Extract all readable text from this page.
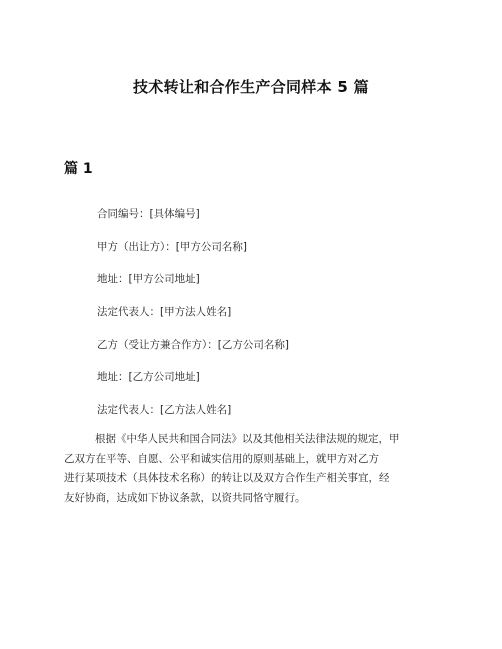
技术转让和合作生产合同样本 5 篇
篇 1
合同编号：[具体编号]
甲方（出让方）：[甲方公司名称]
地址：[甲方公司地址]
法定代表人：[甲方法人姓名]
乙方（受让方兼合作方）：[乙方公司名称]
地址：[乙方公司地址]
法定代表人：[乙方法人姓名]
根据《中华人民共和国合同法》以及其他相关法律法规的规定，甲
乙双方在平等、自愿、公平和诚实信用的原则基础上，就甲方对乙方
进行某项技术（具体技术名称）的转让以及双方合作生产相关事宜，经
友好协商，达成如下协议条款，以资共同恪守履行。
